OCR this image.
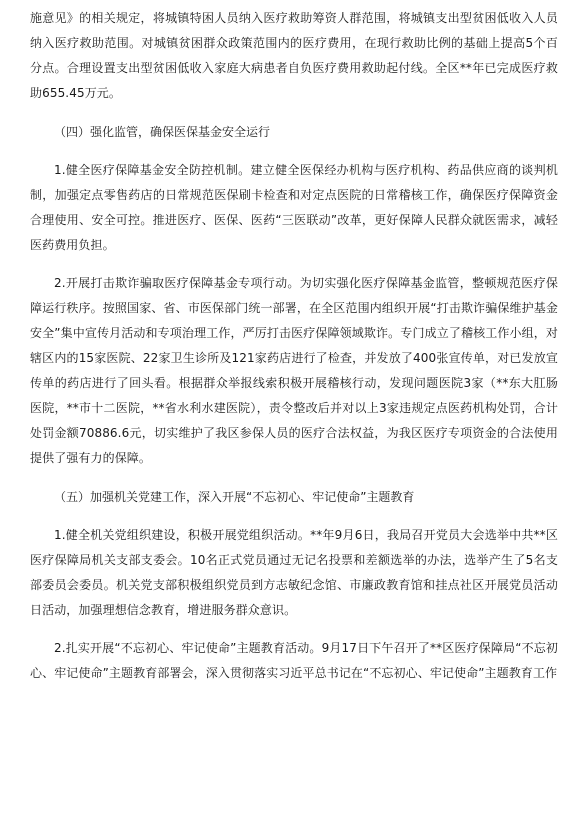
施意见》的相关规定，将城镇特困人员纳入医疗救助筹资人群范围，将城镇支出型贫困低收入人员纳入医疗救助范围。对城镇贫困群众政策范围内的医疗费用，在现行救助比例的基础上提高5个百分点。合理设置支出型贫困低收入家庭大病患者自负医疗费用救助起付线。全区**年已完成医疗救助655.45万元。

（四）强化监管，确保医保基金安全运行

1.健全医疗保障基金安全防控机制。建立健全医保经办机构与医疗机构、药品供应商的谈判机制，加强定点零售药店的日常规范医保刷卡检查和对定点医院的日常稽核工作，确保医疗保障资金合理使用、安全可控。推进医疗、医保、医药“三医联动”改革，更好保障人民群众就医需求，减轻医药费用负担。

2.开展打击欺诈骗取医疗保障基金专项行动。为切实强化医疗保障基金监管，整顿规范医疗保障运行秩序。按照国家、省、市医保部门统一部署，在全区范围内组织开展“打击欺诈骗保维护基金安全”集中宣传月活动和专项治理工作，严厉打击医疗保障领域欺诈。专门成立了稽核工作小组，对辖区内的15家医院、22家卫生诊所及121家药店进行了检查，并发放了400张宣传单，对已发放宣传单的药店进行了回头看。根据群众举报线索积极开展稽核行动，发现问题医院3家（**东大肛肠医院，**市十二医院，**省水利水建医院），责令整改后并对以上3家违规定点医药机构处罚，合计处罚金额70886.6元，切实维护了我区参保人员的医疗合法权益，为我区医疗专项资金的合法使用提供了强有力的保障。

（五）加强机关党建工作，深入开展“不忘初心、牢记使命”主题教育

1.健全机关党组织建设，积极开展党组织活动。**年9月6日，我局召开党员大会选举中共**区医疗保障局机关支部支委会。10名正式党员通过无记名投票和差额选举的办法，选举产生了5名支部委员会委员。机关党支部积极组织党员到方志敏纪念馆、市廉政教育馆和挂点社区开展党员活动日活动，加强理想信念教育，增进服务群众意识。

2.扎实开展“不忘初心、牢记使命”主题教育活动。9月17日下午召开了**区医疗保障局“不忘初心、牢记使命”主题教育部署会，深入贯彻落实习近平总书记在“不忘初心、牢记使命”主题教育工作
